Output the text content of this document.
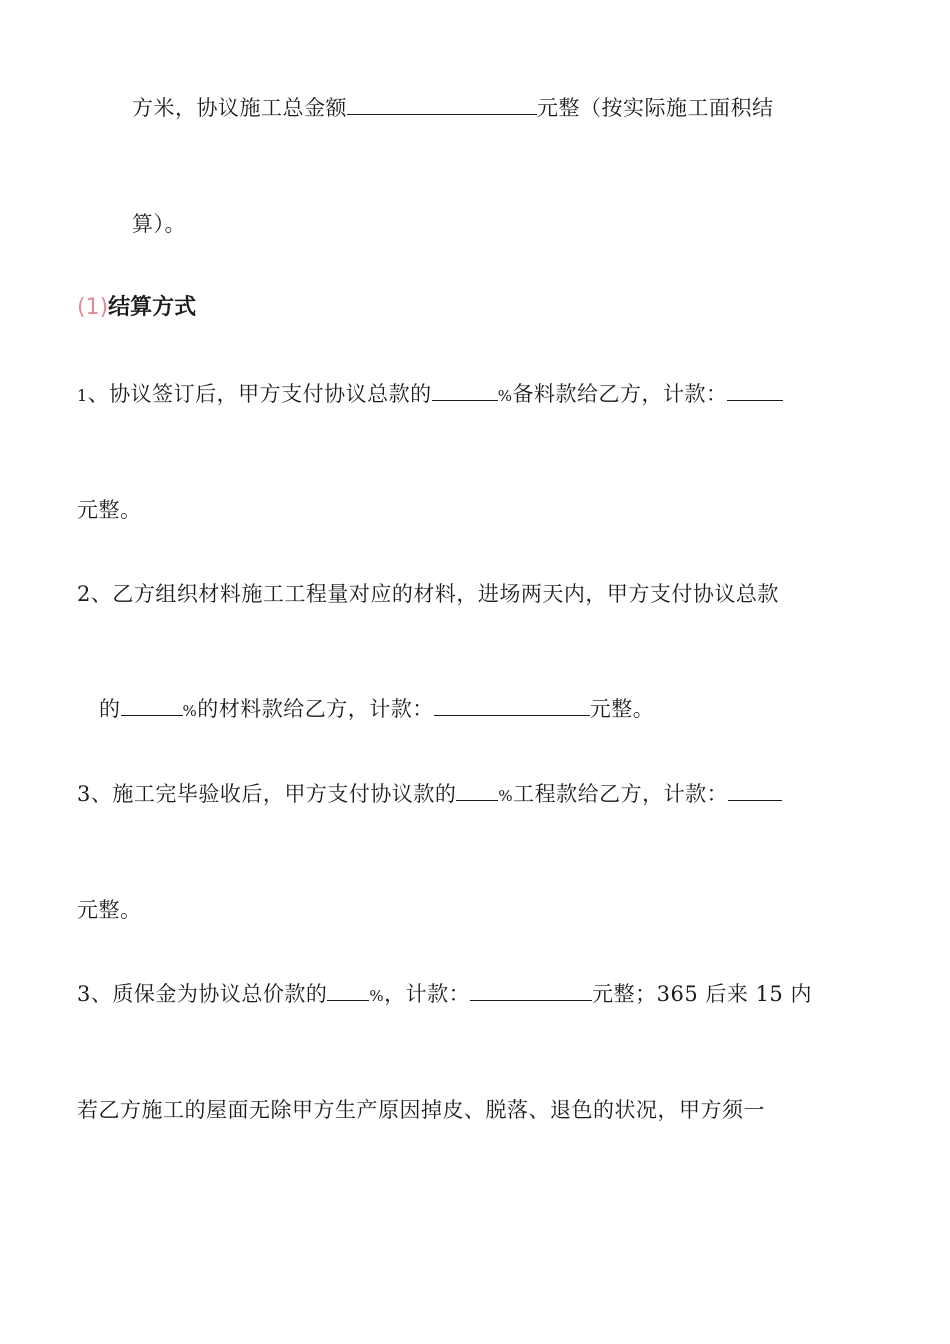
方米，协议施工总金额	元整（按实际施工面积结
算）。
(1)结算方式
1、协议签订后，甲方支付协议总款的	%备料款给乙方，计款：
元整。
2、乙方组织材料施工工程量对应的材料，进场两天内，甲方支付协议总款
的	%的材料款给乙方，计款：	元整。
3、施工完毕验收后，甲方支付协议款的	%工程款给乙方，计款：
元整。
3、质保金为协议总价款的	%，计款：	元整；365 后来 15 内
若乙方施工的屋面无除甲方生产原因掉皮、脱落、退色的状况，甲方须一
